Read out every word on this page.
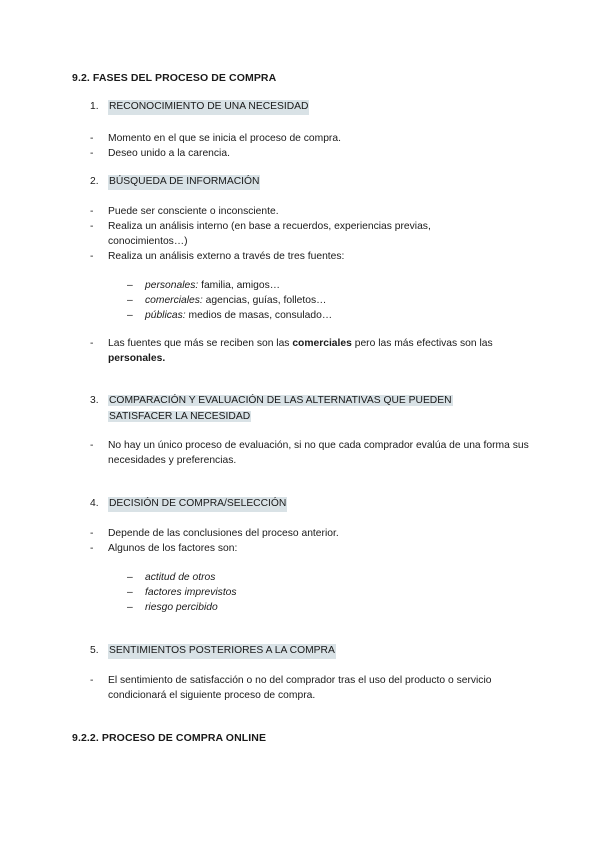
9.2. FASES DEL PROCESO DE COMPRA
1.	RECONOCIMIENTO DE UNA NECESIDAD
-	Momento en el que se inicia el proceso de compra.
-	Deseo unido a la carencia.
2.	BÚSQUEDA DE INFORMACIÓN
-	Puede ser consciente o inconsciente.
-	Realiza un análisis interno (en base a recuerdos, experiencias previas, conocimientos…)
-	Realiza un análisis externo a través de tres fuentes:
–	personales: familia, amigos…
–	comerciales: agencias, guías, folletos…
–	públicas: medios de masas, consulado…
-	Las fuentes que más se reciben son las comerciales pero las más efectivas son las personales.
3.	COMPARACIÓN Y EVALUACIÓN DE LAS ALTERNATIVAS QUE PUEDEN
SATISFACER LA NECESIDAD
-	No hay un único proceso de evaluación, si no que cada comprador evalúa de una forma sus necesidades y preferencias.
4.	DECISIÓN DE COMPRA/SELECCIÓN
-	Depende de las conclusiones del proceso anterior.
-	Algunos de los factores son:
–	actitud de otros
–	factores imprevistos
–	riesgo percibido
5.	SENTIMIENTOS POSTERIORES A LA COMPRA
-	El sentimiento de satisfacción o no del comprador tras el uso del producto o servicio condicionará el siguiente proceso de compra.
9.2.2. PROCESO DE COMPRA ONLINE
